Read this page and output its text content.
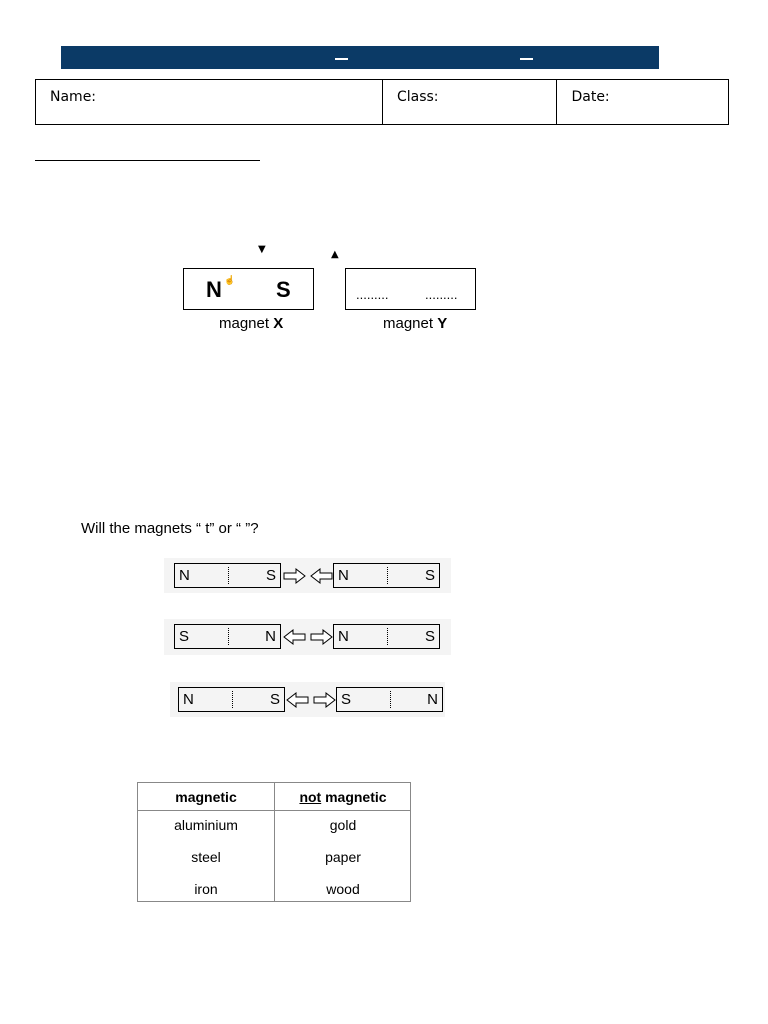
Name:	Class:	Date:
▼	▲
N ☝ S
magnet X
.........	.........
magnet Y
Will the magnets “ t” or “ ”?
N	S	N	S
S	N	N	S
N	S	S	N
magnetic	not magnetic
aluminium	gold
steel	paper
iron	wood
